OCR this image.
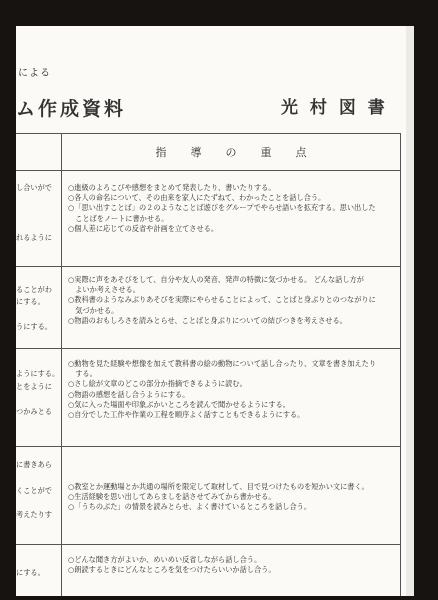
による
ム作成資料	光 村 図 書
指導の重点
し合いがで
れるように
ることがわ
にする。
うにする。
ようにする。
とをように
つかみとる
に書きあら
くことがで
考えたりす
にする。
○進級のよろこびや感想をまとめて発表したり、書いたりする。
○各人の命名について、その由来を家人にたずねて、わかったことを話し合う。
○「思い出すことば」の２のようなことば遊びをグループでやらせ語いを拡充する。思い出した
　ことばをノートに書かせる。
○個人差に応じての反省や計画を立てさせる。
○実際に声をあそびをして、自分や友人の発音、発声の特徴に気づかせる。 どんな話し方が
　よいか考えさせる。
○教科書のようなみぶりあそびを実際にやらせることによって、ことばと身ぶりとのつながりに
　気づかせる。
○物語のおもしろさを読みとらせ、ことばと身ぶりについての結びつきを考えさせる。
○動物を見た経験や想像を加えて教科書の絵の動物について話し合ったり、文章を書き加えたり
　する。
○さし絵が文章のどこの部分か指摘できるように読む。
○物語の感想を話し合うようにする。
○気に入った場面や印象ぶかいところを読んで聞かせるようにする。
○自分でした工作や作業の工程を順序よく話すこともできるようにする。
○教室とか運動場とか共通の場所を限定して取材して、目で見つけたものを短かい文に書く。
○生活経験を思い出してあらましを話させてみてから書かせる。
○「うちのぶた」の情景を読みとらせ、よく書けているところを話し合う。
○どんな聞き方がよいか、めいめい反省しながら話し合う。
○朗読するときにどんなところを気をつけたらいいか話し合う。
